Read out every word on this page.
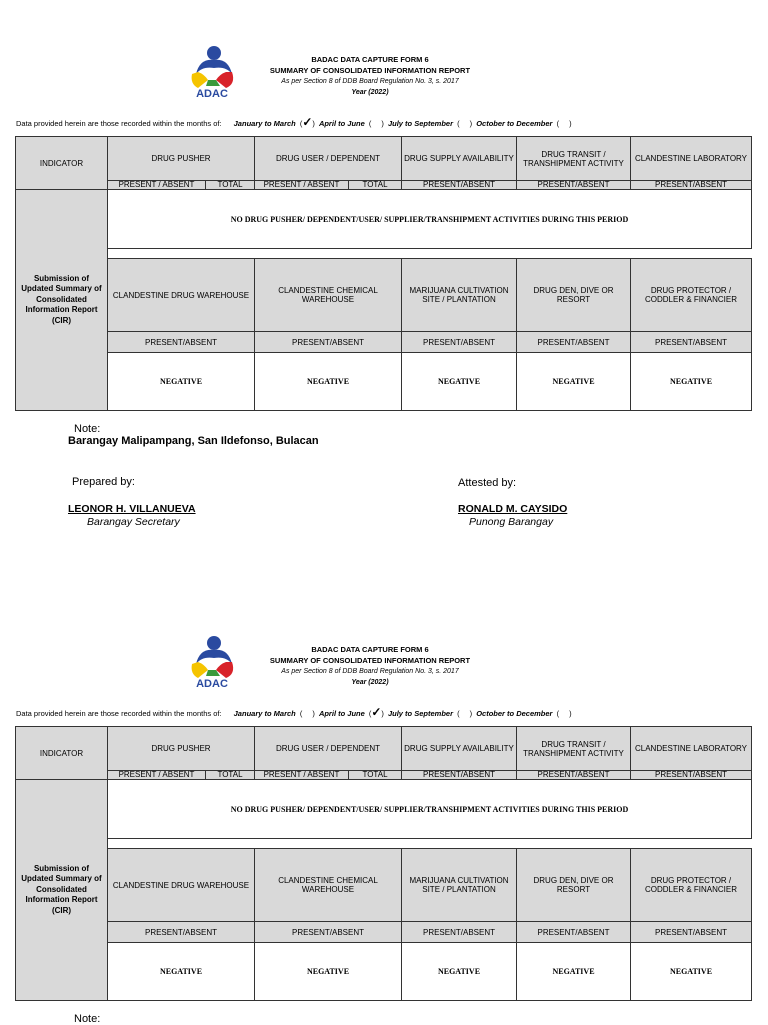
ADAC
BADAC DATA CAPTURE FORM 6
SUMMARY OF CONSOLIDATED INFORMATION REPORT
As per Section 8 of DDB Board Regulation No. 3, s. 2017
Year (2022)
Data provided herein are those recorded within the months of: January to March (✓) April to June ( ) July to September ( ) October to December ( )
INDICATOR	DRUG PUSHER	DRUG USER / DEPENDENT	DRUG SUPPLY AVAILABILITY	DRUG TRANSIT / TRANSHIPMENT ACTIVITY	CLANDESTINE LABORATORY

	PRESENT / ABSENT TOTAL	PRESENT / ABSENT TOTAL	PRESENT/ABSENT	PRESENT/ABSENT	PRESENT/ABSENT
Submission of Updated Summary of Consolidated Information Report (CIR)	NO DRUG PUSHER/ DEPENDENT/USER/ SUPPLIER/TRANSHIPMENT ACTIVITIES DURING THIS PERIOD				

	CLANDESTINE DRUG WAREHOUSE	CLANDESTINE CHEMICAL WAREHOUSE	MARIJUANA CULTIVATION SITE / PLANTATION	DRUG DEN, DIVE OR RESORT	DRUG PROTECTOR / CODDLER & FINANCIER
	PRESENT/ABSENT	PRESENT/ABSENT	PRESENT/ABSENT	PRESENT/ABSENT	PRESENT/ABSENT
	NEGATIVE	NEGATIVE	NEGATIVE	NEGATIVE	NEGATIVE
Note:
Barangay Malipampang, San Ildefonso, Bulacan
Prepared by:
LEONOR H. VILLANUEVA
Barangay Secretary
Attested by:
RONALD M. CAYSIDO
Punong Barangay
ADAC
BADAC DATA CAPTURE FORM 6
SUMMARY OF CONSOLIDATED INFORMATION REPORT
As per Section 8 of DDB Board Regulation No. 3, s. 2017
Year (2022)
Data provided herein are those recorded within the months of: January to March ( ) April to June (✓) July to September ( ) October to December ( )
INDICATOR	DRUG PUSHER	DRUG USER / DEPENDENT	DRUG SUPPLY AVAILABILITY	DRUG TRANSIT / TRANSHIPMENT ACTIVITY	CLANDESTINE LABORATORY

	PRESENT / ABSENT TOTAL	PRESENT / ABSENT TOTAL	PRESENT/ABSENT	PRESENT/ABSENT	PRESENT/ABSENT
Submission of Updated Summary of Consolidated Information Report (CIR)	NO DRUG PUSHER/ DEPENDENT/USER/ SUPPLIER/TRANSHIPMENT ACTIVITIES DURING THIS PERIOD				

	CLANDESTINE DRUG WAREHOUSE	CLANDESTINE CHEMICAL WAREHOUSE	MARIJUANA CULTIVATION SITE / PLANTATION	DRUG DEN, DIVE OR RESORT	DRUG PROTECTOR / CODDLER & FINANCIER
	PRESENT/ABSENT	PRESENT/ABSENT	PRESENT/ABSENT	PRESENT/ABSENT	PRESENT/ABSENT
	NEGATIVE	NEGATIVE	NEGATIVE	NEGATIVE	NEGATIVE
Note:
